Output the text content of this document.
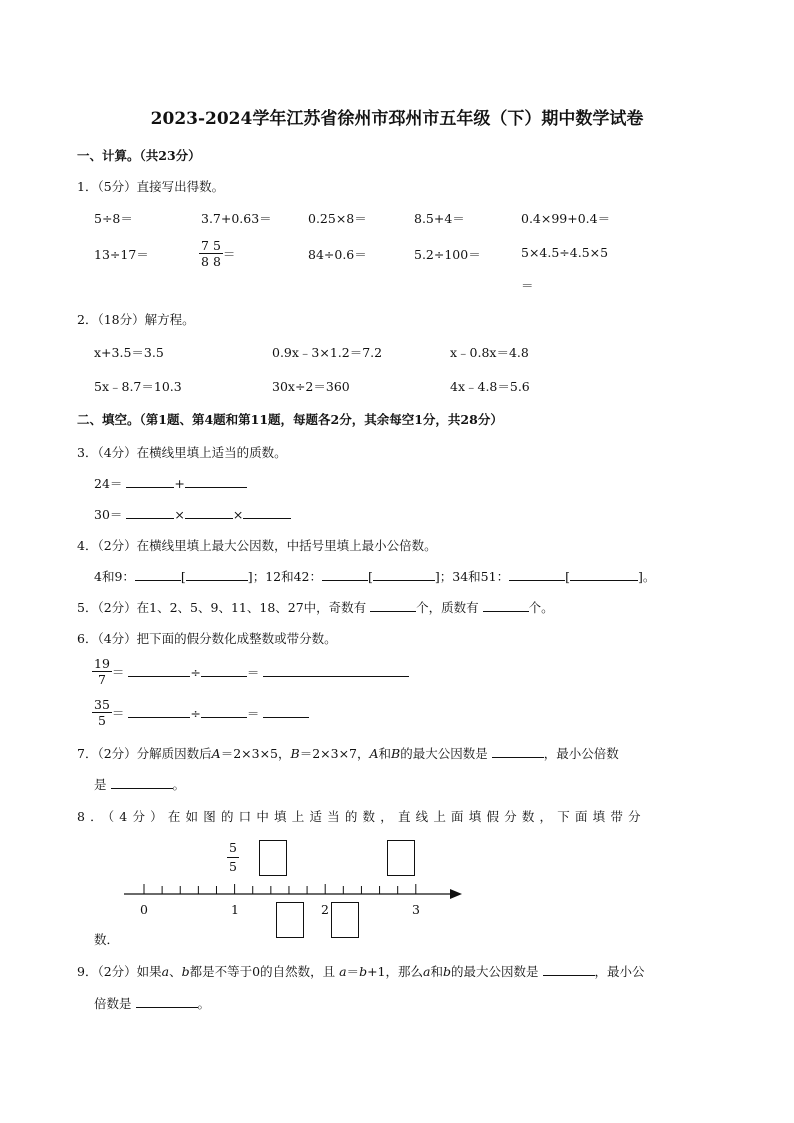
2023-2024学年江苏省徐州市邳州市五年级（下）期中数学试卷
一、计算。（共23分）
1．（5分）直接写出得数。
5÷8＝	3.7+0.63＝	0.25×8＝	8.5+4＝	0.4×99+0.4＝
13÷17＝	$\frac{7}{8} \frac{5}{8}$ ＝	84÷0.6＝	5.2÷100＝	5×4.5÷4.5×5
＝
2．（18分）解方程。
x+3.5＝3.5	0.9x﹣3×1.2＝7.2	x﹣0.8x＝4.8
5x﹣8.7＝10.3	30x÷2＝360	4x﹣4.8＝5.6
二、填空。（第1题、第4题和第11题，每题各2分，其余每空1分，共28分）
3．（4分）在横线里填上适当的质数。
24＝	+
30＝	×	×
4．（2分）在横线里填上最大公因数，中括号里填上最小公倍数。
4和9：	[	]；12和42：	[	]；34和51：	[	]。
5．（2分）在1、2、5、9、11、18、27中，奇数有	个，质数有	个。
6．（4分）把下面的假分数化成整数或带分数。
$\frac{19}{7}$ ＝	÷	＝
$\frac{35}{5}$ ＝	÷	＝
7．（2分）分解质因数后A＝2×3×5，B＝2×3×7，A和B的最大公因数是	，最小公倍数
是	。
8．（4分）在如图的口中填上适当的数，直线上面填假分数，下面填带分
$\frac{5}{5}$
0	1	2	3
数．
9．（2分）如果a、b都是不等于0的自然数，且 a＝b+1，那么a和b的最大公因数是	，最小公
倍数是	。
